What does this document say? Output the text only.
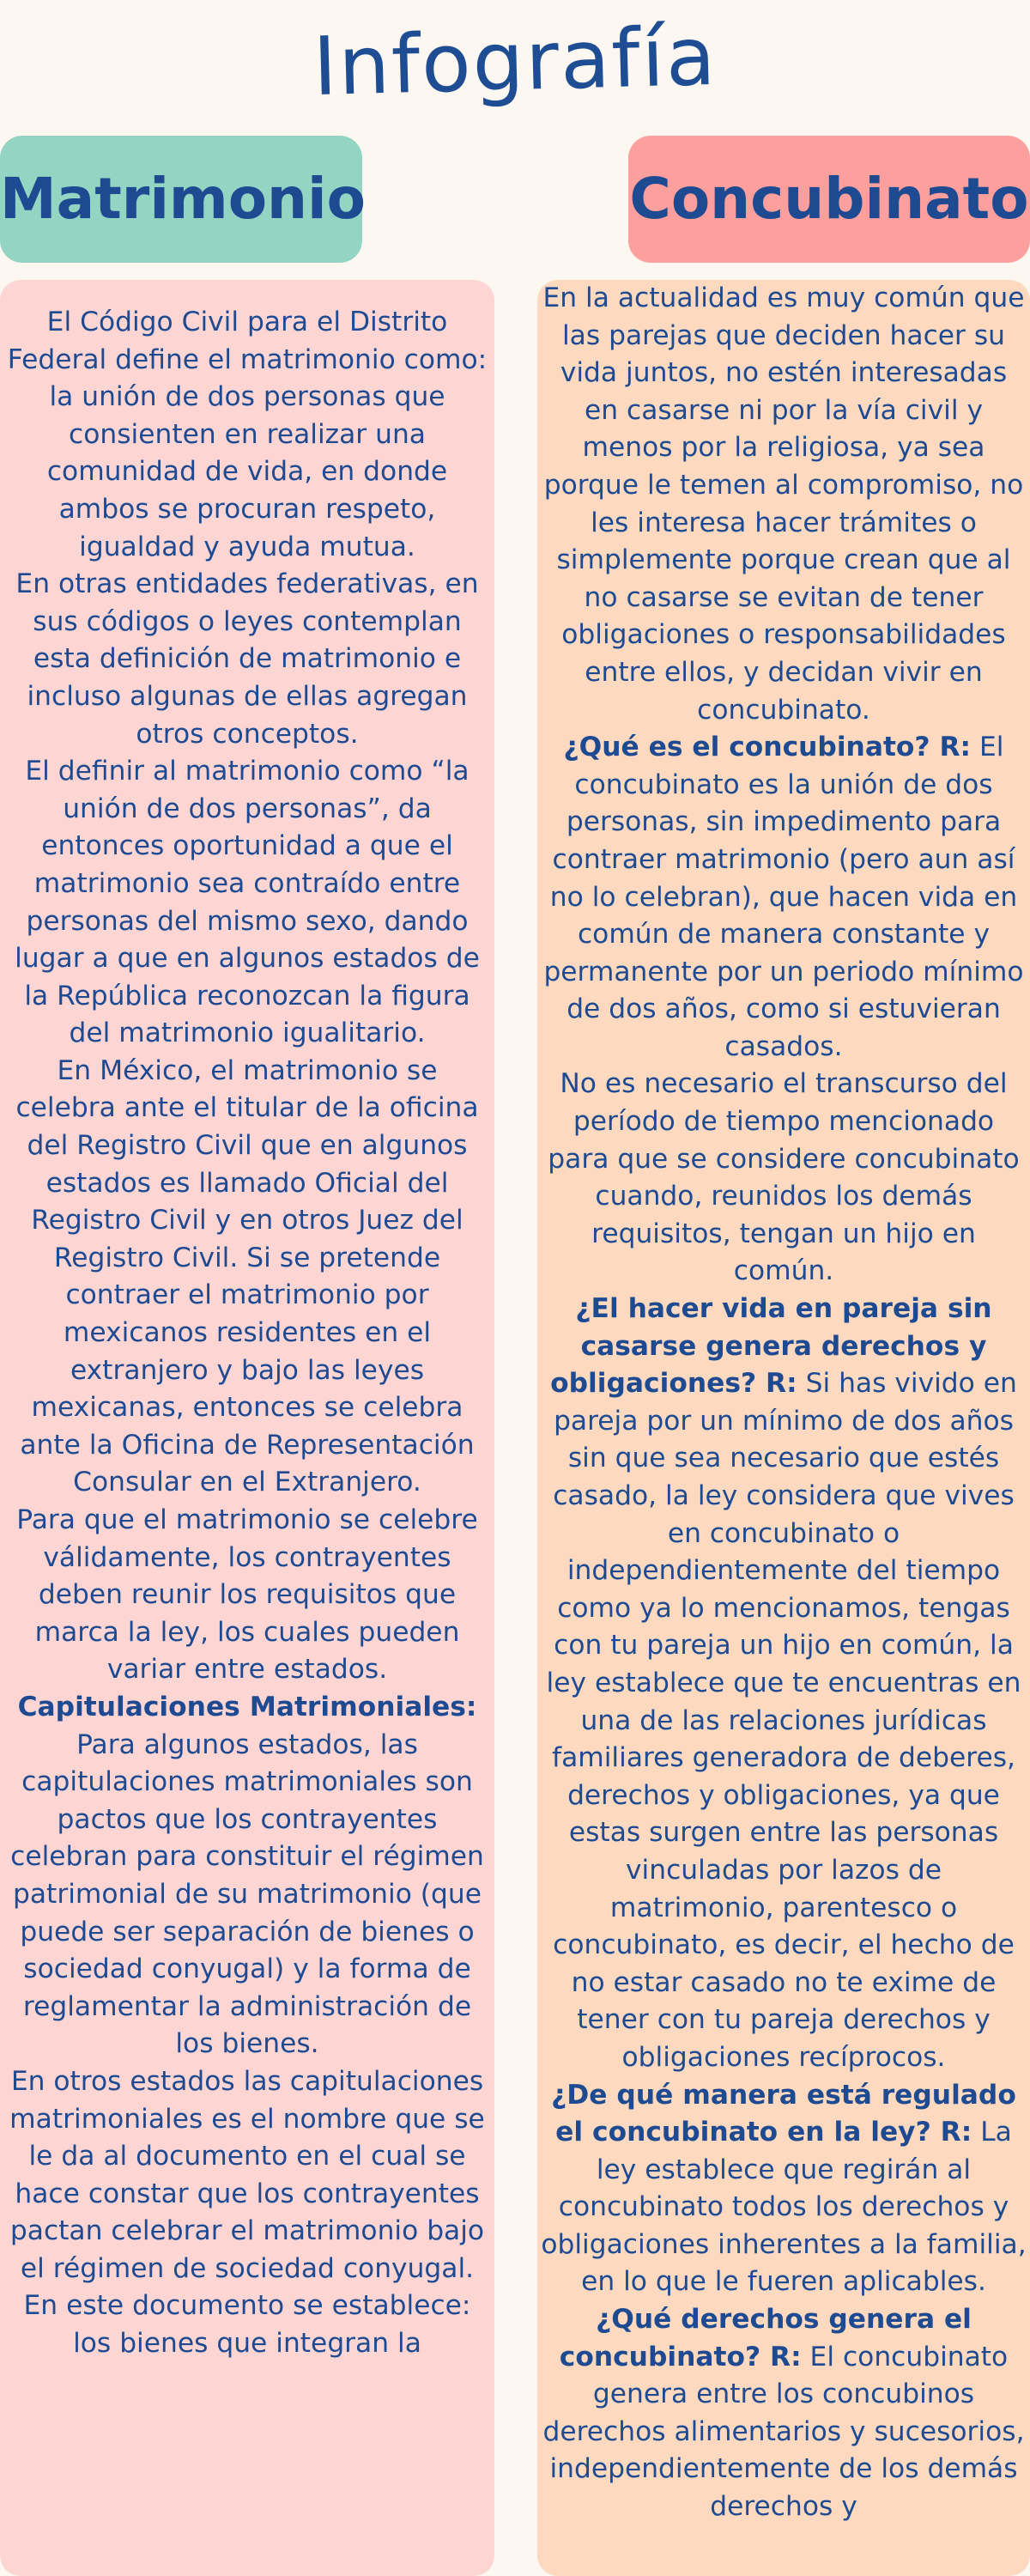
Infografía
Matrimonio	Concubinato

El Código Civil para el Distrito Federal define el matrimonio como: la unión de dos personas que consienten en realizar una comunidad de vida, en donde ambos se procuran respeto, igualdad y ayuda mutua.

En otras entidades federativas, en sus códigos o leyes contemplan esta definición de matrimonio e incluso algunas de ellas agregan otros conceptos.

El definir al matrimonio como “la unión de dos personas”, da entonces oportunidad a que el matrimonio sea contraído entre personas del mismo sexo, dando lugar a que en algunos estados de la República reconozcan la figura del matrimonio igualitario.

En México, el matrimonio se celebra ante el titular de la oficina del Registro Civil que en algunos estados es llamado Oficial del Registro Civil y en otros Juez del Registro Civil. Si se pretende contraer el matrimonio por mexicanos residentes en el extranjero y bajo las leyes mexicanas, entonces se celebra ante la Oficina de Representación Consular en el Extranjero.

Para que el matrimonio se celebre válidamente, los contrayentes deben reunir los requisitos que marca la ley, los cuales pueden variar entre estados.

Capitulaciones Matrimoniales:

Para algunos estados, las capitulaciones matrimoniales son pactos que los contrayentes celebran para constituir el régimen patrimonial de su matrimonio (que puede ser separación de bienes o sociedad conyugal) y la forma de reglamentar la administración de los bienes.

En otros estados las capitulaciones matrimoniales es el nombre que se le da al documento en el cual se hace constar que los contrayentes pactan celebrar el matrimonio bajo el régimen de sociedad conyugal. En este documento se establece: los bienes que integran la

En la actualidad es muy común que las parejas que deciden hacer su vida juntos, no estén interesadas en casarse ni por la vía civil y menos por la religiosa, ya sea porque le temen al compromiso, no les interesa hacer trámites o simplemente porque crean que al no casarse se evitan de tener obligaciones o responsabilidades entre ellos, y decidan vivir en concubinato.

¿Qué es el concubinato? R: El concubinato es la unión de dos personas, sin impedimento para contraer matrimonio (pero aun así no lo celebran), que hacen vida en común de manera constante y permanente por un periodo mínimo de dos años, como si estuvieran casados.

No es necesario el transcurso del período de tiempo mencionado para que se considere concubinato cuando, reunidos los demás requisitos, tengan un hijo en común.

¿El hacer vida en pareja sin casarse genera derechos y obligaciones? R: Si has vivido en pareja por un mínimo de dos años sin que sea necesario que estés casado, la ley considera que vives en concubinato o independientemente del tiempo como ya lo mencionamos, tengas con tu pareja un hijo en común, la ley establece que te encuentras en una de las relaciones jurídicas familiares generadora de deberes, derechos y obligaciones, ya que estas surgen entre las personas vinculadas por lazos de matrimonio, parentesco o concubinato, es decir, el hecho de no estar casado no te exime de tener con tu pareja derechos y obligaciones recíprocos.

¿De qué manera está regulado el concubinato en la ley? R: La ley establece que regirán al concubinato todos los derechos y obligaciones inherentes a la familia, en lo que le fueren aplicables.

¿Qué derechos genera el concubinato? R: El concubinato genera entre los concubinos derechos alimentarios y sucesorios, independientemente de los demás derechos y
